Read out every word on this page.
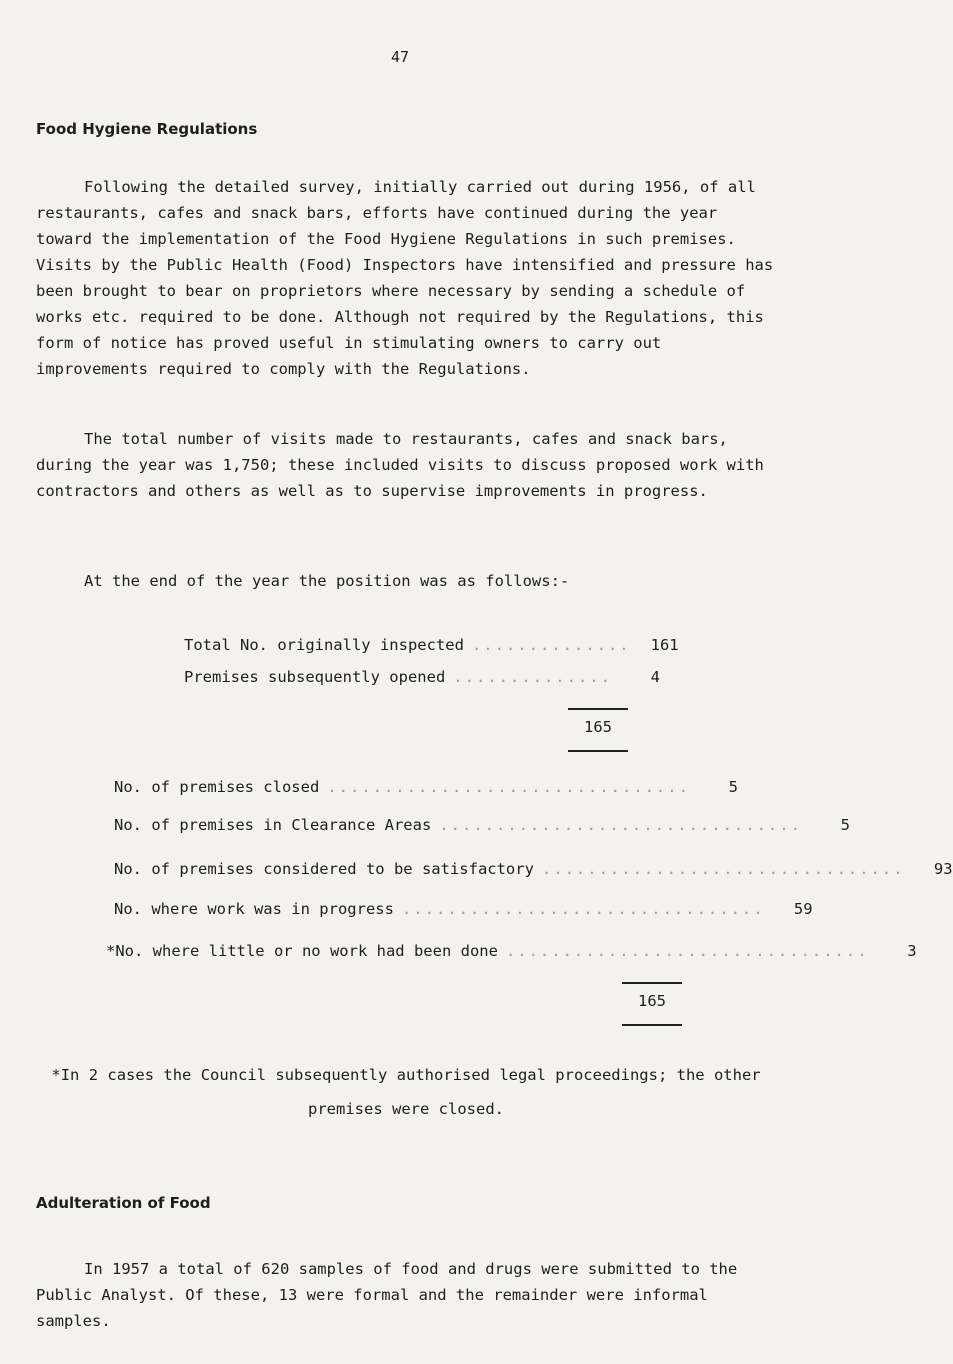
47
Food Hygiene Regulations

Following the detailed survey, initially carried out during 1956, of all restaurants, cafes and snack bars, efforts have continued during the year toward the implementation of the Food Hygiene Regulations in such premises. Visits by the Public Health (Food) Inspectors have intensified and pressure has been brought to bear on proprietors where necessary by sending a schedule of works etc. required to be done. Although not required by the Regulations, this form of notice has proved useful in stimulating owners to carry out improvements required to comply with the Regulations.

The total number of visits made to restaurants, cafes and snack bars, during the year was 1,750; these included visits to discuss proposed work with contractors and others as well as to supervise improvements in progress.

At the end of the year the position was as follows:-

Total No. originally inspected ..............	161
Premises subsequently opened ..............	4
165
No. of premises closed ................................	5
No. of premises in Clearance Areas ................................	5
No. of premises considered to be satisfactory ................................	93
No. where work was in progress ................................	59
*No. where little or no work had been done ................................	3
165

*In 2 cases the Council subsequently authorised legal proceedings; the other premises were closed.

Adulteration of Food

In 1957 a total of 620 samples of food and drugs were submitted to the Public Analyst. Of these, 13 were formal and the remainder were informal samples.
